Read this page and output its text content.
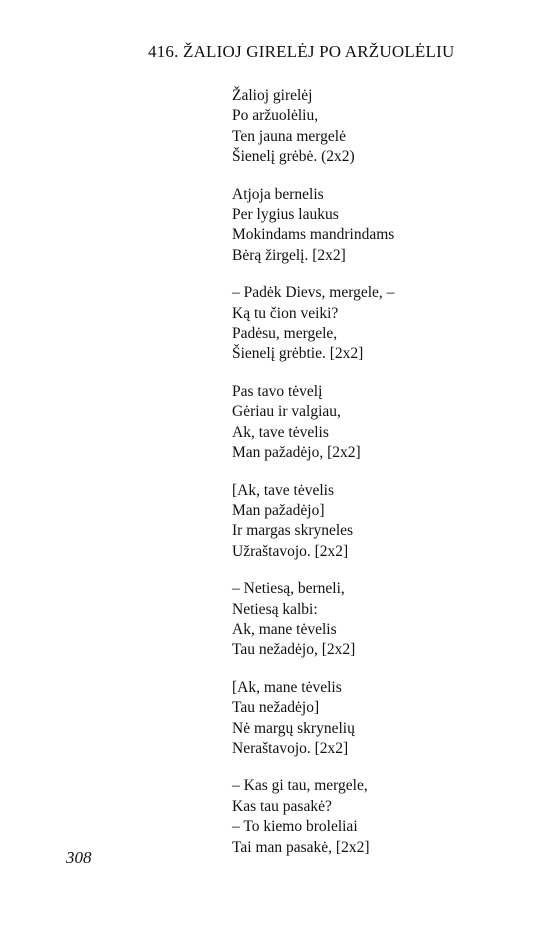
416. ŽALIOJ GIRELĖJ PO ARŽUOLĖLIU
Žalioj girelėj
Po aržuolėliu,
Ten jauna mergelė
Šienelį grėbė. (2x2)
Atjoja bernelis
Per lygius laukus
Mokindams mandrindams
Bėrą žirgelį. [2x2]
– Padėk Dievs, mergele, –
Ką tu čion veiki?
Padėsu, mergele,
Šienelį grėbtie. [2x2]
Pas tavo tėvelį
Gėriau ir valgiau,
Ak, tave tėvelis
Man pažadėjo, [2x2]
[Ak, tave tėvelis
Man pažadėjo]
Ir margas skryneles
Užraštavojo. [2x2]
– Netiesą, berneli,
Netiesą kalbi:
Ak, mane tėvelis
Tau nežadėjo, [2x2]
[Ak, mane tėvelis
Tau nežadėjo]
Nė margų skrynelių
Neraštavojo. [2x2]
– Kas gi tau, mergele,
Kas tau pasakė?
– To kiemo broleliai
Tai man pasakė, [2x2]
308
